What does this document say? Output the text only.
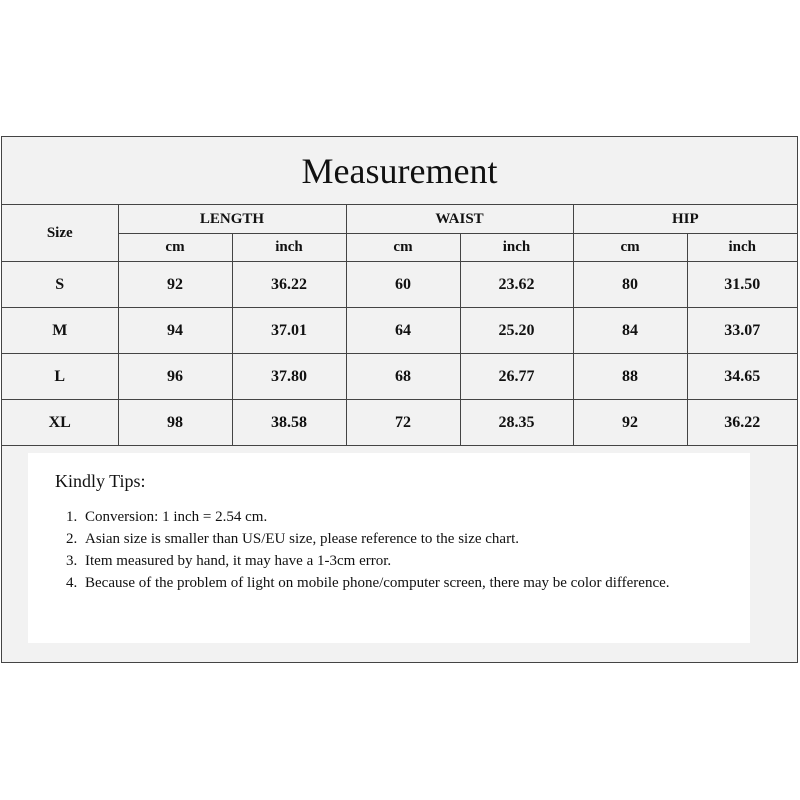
Measurement
Size	LENGTH		WAIST		HIP	
	cm	inch	cm	inch	cm	inch
S	92	36.22	60	23.62	80	31.50
M	94	37.01	64	25.20	84	33.07
L	96	37.80	68	26.77	88	34.65
XL	98	38.58	72	28.35	92	36.22
Kindly Tips:
1. Conversion: 1 inch = 2.54 cm.
2. Asian size is smaller than US/EU size, please reference to the size chart.
3. Item measured by hand, it may have a 1-3cm error.
4. Because of the problem of light on mobile phone/computer screen, there may be color difference.
